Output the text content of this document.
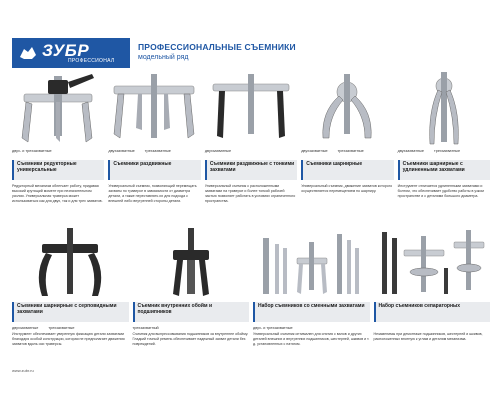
ЗУБР
ПРОФЕССИОНАЛ
ПРОФЕССИОНАЛЬНЫЕ СЪЕМНИКИ
модельный ряд
двух- и трехзахватные
Съемники редукторные универсальные
Редукторный механизм облегчает работу, придавая высокий крутящий момент при незначительном усилии. Универсальная траверса может использоваться как для двух, так и для трех захватов.
двухзахватные	трехзахватные
Съемники раздвижные
Универсальный съемник, позволяющий перемещать захваты по траверсе в зависимости от диаметра детали, а также переставлять их для подхода с внешней либо внутренней стороны детали.
двухзахватные
Съемники раздвижные с тонкими захватами
Универсальный съемник с расположенными захватами на траверсе и более тонкой рабочей частью позволяет работать в условиях ограниченного пространства.
двухзахватные	трехзахватные
Съемники шарнирные
Универсальный съемник, движение захватов которого осуществляется перемещением по шарниру.
двухзахватные	трехзахватные
Съемники шарнирные с удлиненными захватами
Инструмент отличается удлиненными захватами и болтом, что обеспечивает удобство работы в узком пространстве и с деталями большого диаметра.
Съемники шарнирные с серповидными захватами
двухзахватные	трехзахватные
Инструмент обеспечивает уверенную фиксацию детали захватами благодаря особой конструкции, которая не предполагает движения захватов вдоль оси траверсы.
Съемник внутренних обойм и подшипников
трехзахватный
Съемник для выпрессовывания подшипников за внутреннее обойму. Гладкий точный ремень обеспечивает надежный захват детали без повреждений.
Набор съемников со сменными захватами
двух- и трехзахватные
Универсальный съемник оптимален для снятия с валов и других деталей внешних и внутренних подшипников, шестерней, шкивов и т. д. установленных с натягом.
Набор съемников сепараторных
Незаменимы при демонтаже подшипников, шестерней и шкивов, расположенных впотную к углам и деталям механизма.
www.zubr.ru
